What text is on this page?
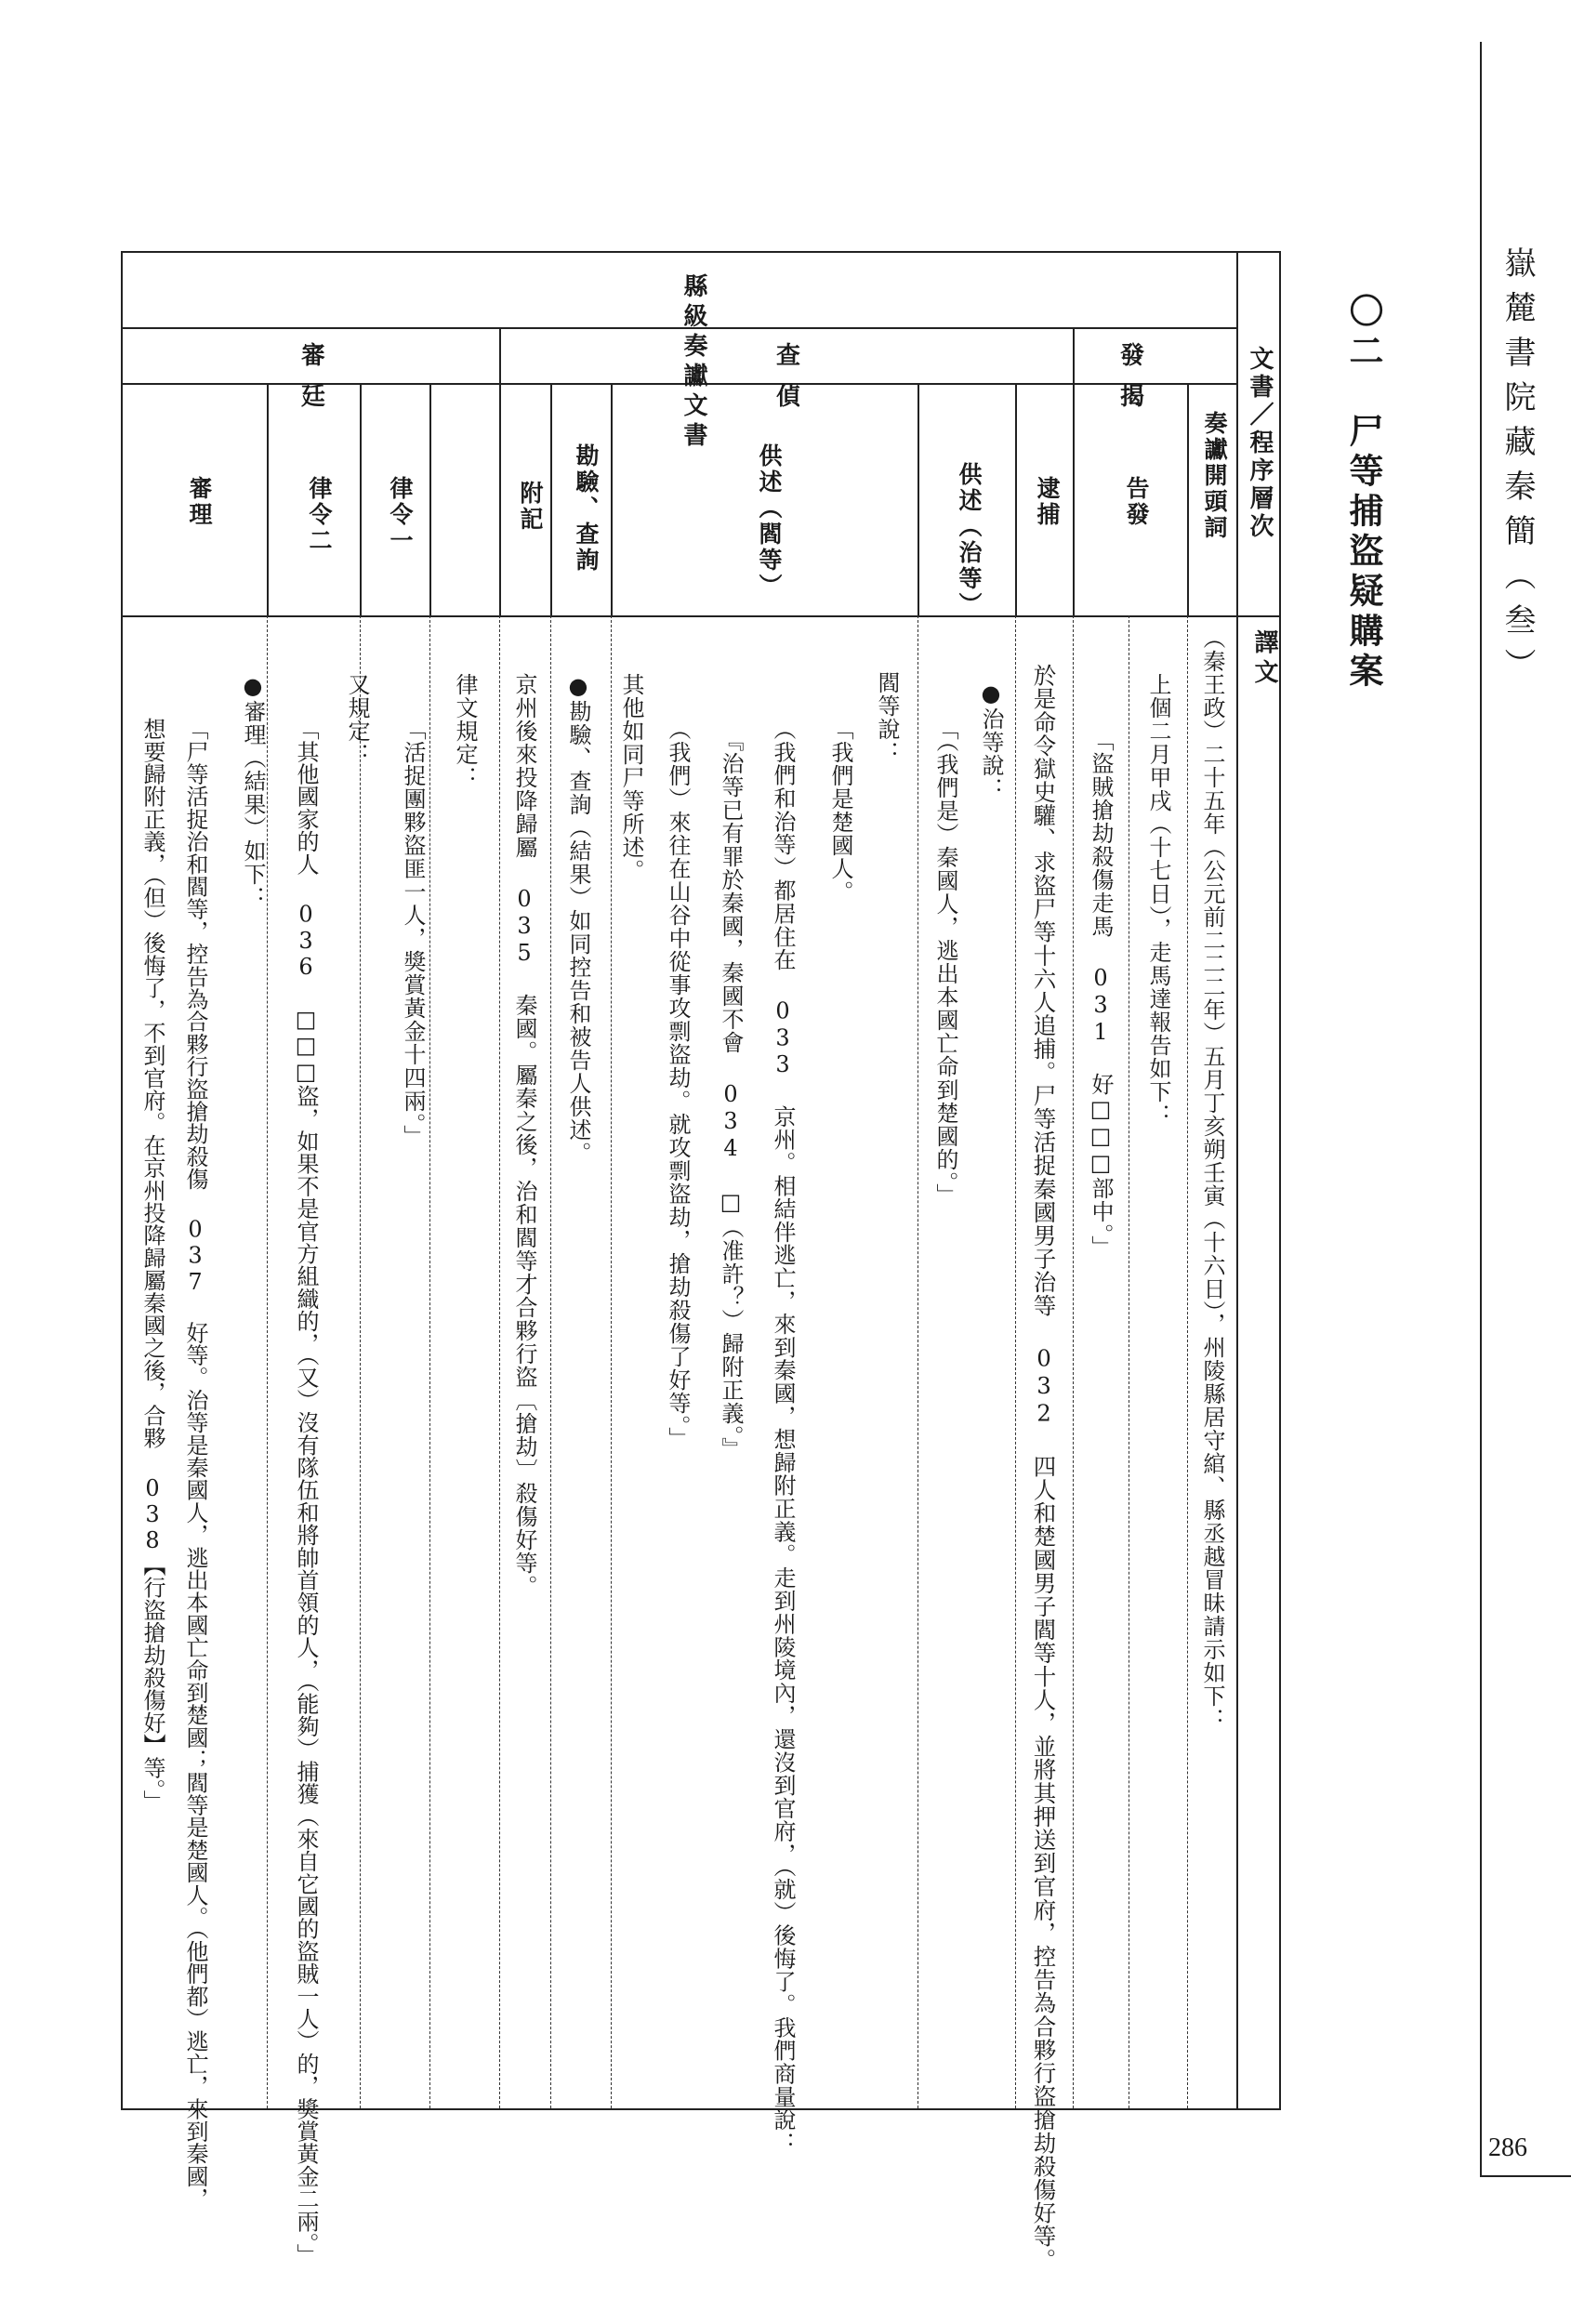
嶽麓書院藏秦簡（叁）
286
〇二　尸等捕盜疑購案
縣級奏讞文書	文書／程序層次
譯文
發揭
查偵
審廷
奏讞開頭詞
告發
逮捕
供述（治等）
供述（閻等）
勘驗、查詢
附記
律令一
律令二
審理
（秦王政）二十五年（公元前二二二年）五月丁亥朔壬寅（十六日），州陵縣居守綰、縣丞越冒昧請示如下：
上個二月甲戌（十七日），走馬達報告如下：
「盜賊搶劫殺傷走馬 031 好□□□部中。」
於是命令獄史驩、求盜尸等十六人追捕。尸等活捉秦國男子治等 032 四人和楚國男子閻等十人，並將其押送到官府，控告為合夥行盜搶劫殺傷好等。
●治等說：
「（我們是）秦國人，逃出本國亡命到楚國的。」
閻等說：
「我們是楚國人。
（我們和治等）都居住在 033 京州。相結伴逃亡，來到秦國，想歸附正義。走到州陵境內，還沒到官府，（就）後悔了。我們商量說：
『治等已有罪於秦國，秦國不會 034 □（准許？）歸附正義。』
（我們）來往在山谷中從事攻剽盜劫。就攻剽盜劫，搶劫殺傷了好等。」
其他如同尸等所述。
●勘驗、查詢（結果）如同控告和被告人供述。
京州後來投降歸屬 035 秦國。屬秦之後，治和閻等才合夥行盜〔搶劫〕殺傷好等。
律文規定：
「活捉團夥盜匪一人，獎賞黃金十四兩。」
又規定：
「其他國家的人 036 □□□盜，如果不是官方組織的，（又）沒有隊伍和將帥首領的人，（能夠）捕獲（來自它國的盜賊一人）的，獎賞黃金二兩。」
●審理（結果）如下：
「尸等活捉治和閻等，控告為合夥行盜搶劫殺傷 037 好等。治等是秦國人，逃出本國亡命到楚國；閻等是楚國人。（他們都）逃亡，來到秦國，
想要歸附正義，（但）後悔了，不到官府。在京州投降歸屬秦國之後，合夥 038【行盜搶劫殺傷好】等。」
